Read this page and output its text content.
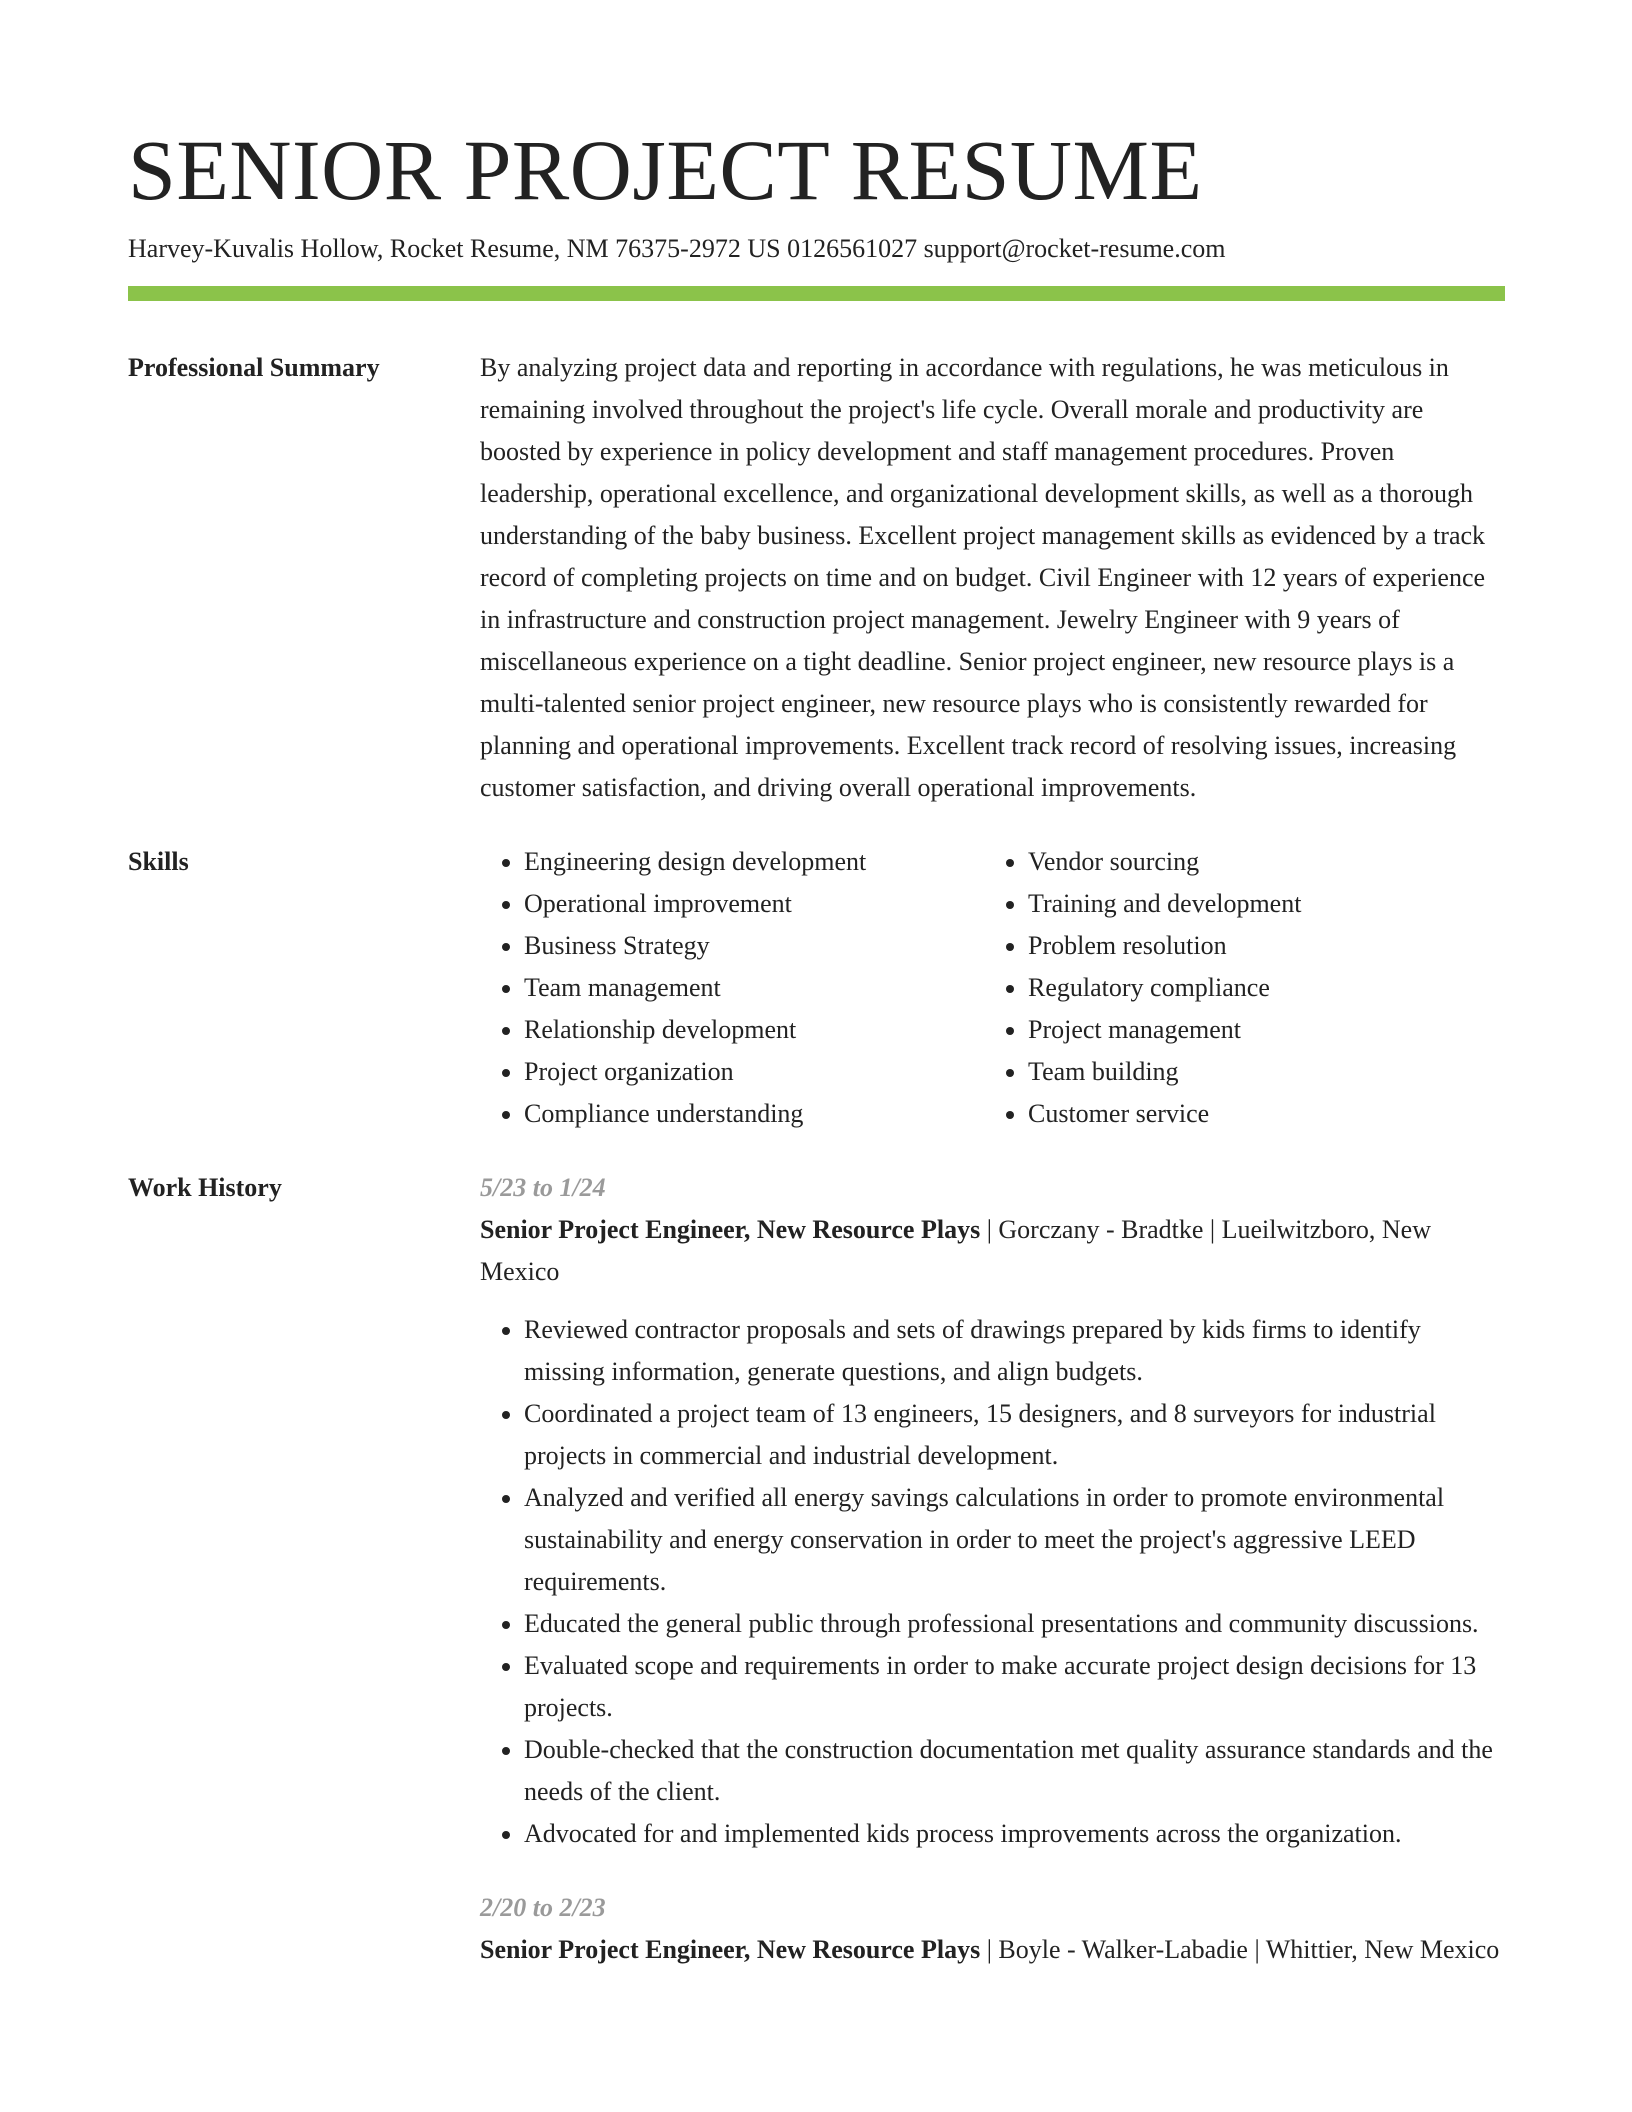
SENIOR PROJECT RESUME
Harvey-Kuvalis Hollow, Rocket Resume, NM 76375-2972 US 0126561027 support@rocket-resume.com
Professional Summary	By analyzing project data and reporting in accordance with regulations, he was meticulous in remaining involved throughout the project's life cycle. Overall morale and productivity are boosted by experience in policy development and staff management procedures. Proven leadership, operational excellence, and organizational development skills, as well as a thorough understanding of the baby business. Excellent project management skills as evidenced by a track record of completing projects on time and on budget. Civil Engineer with 12 years of experience in infrastructure and construction project management. Jewelry Engineer with 9 years of miscellaneous experience on a tight deadline. Senior project engineer, new resource plays is a multi-talented senior project engineer, new resource plays who is consistently rewarded for planning and operational improvements. Excellent track record of resolving issues, increasing customer satisfaction, and driving overall operational improvements.

Skills
•	Engineering design development
• Operational improvement
• Business Strategy
• Team management
• Relationship development
• Project organization
• Compliance understanding
• Vendor sourcing
• Training and development
• Problem resolution
• Regulatory compliance
• Project management
• Team building
• Customer service
Work History	5/23 to 1/24
Senior Project Engineer, New Resource Plays | Gorczany - Bradtke | Lueilwitzboro, New Mexico
• Reviewed contractor proposals and sets of drawings prepared by kids firms to identify missing information, generate questions, and align budgets.
• Coordinated a project team of 13 engineers, 15 designers, and 8 surveyors for industrial projects in commercial and industrial development.
• Analyzed and verified all energy savings calculations in order to promote environmental sustainability and energy conservation in order to meet the project's aggressive LEED requirements.
• Educated the general public through professional presentations and community discussions.
• Evaluated scope and requirements in order to make accurate project design decisions for 13 projects.
• Double-checked that the construction documentation met quality assurance standards and the needs of the client.
• Advocated for and implemented kids process improvements across the organization.
2/20 to 2/23
Senior Project Engineer, New Resource Plays | Boyle - Walker-Labadie | Whittier, New Mexico
